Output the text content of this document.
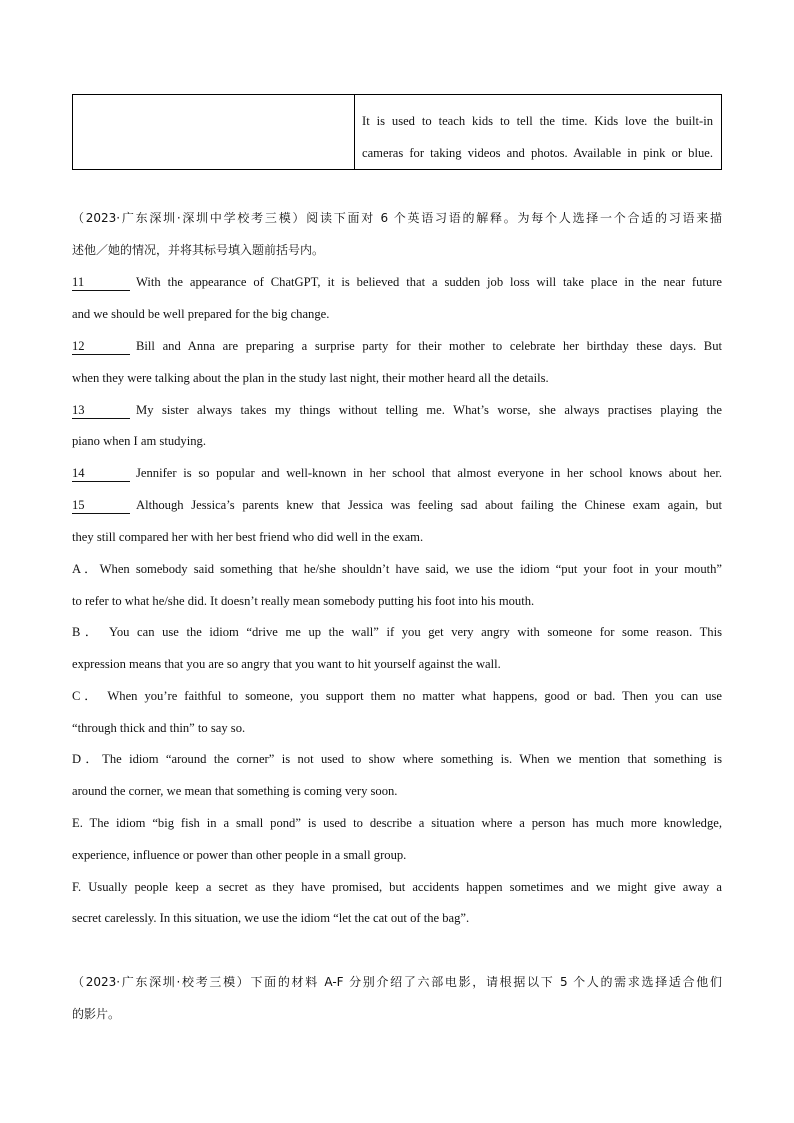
It is used to teach kids to tell the time. Kids love the built-in
cameras for taking videos and photos. Available in pink or blue.
（2023·广东深圳·深圳中学校考三模）阅读下面对 6 个英语习语的解释。为每个人选择一个合适的习语来描
述他／她的情况，并将其标号填入题前括号内。
11	With the appearance of ChatGPT, it is believed that a sudden job loss will take place in the near future
and we should be well prepared for the big change.
12	Bill and Anna are preparing a surprise party for their mother to celebrate her birthday these days. But
when they were talking about the plan in the study last night, their mother heard all the details.
13	My sister always takes my things without telling me. What’s worse, she always practises playing the
piano when I am studying.
14	Jennifer is so popular and well-known in her school that almost everyone in her school knows about her.
15	Although Jessica’s parents knew that Jessica was feeling sad about failing the Chinese exam again, but
they still compared her with her best friend who did well in the exam.
A．When somebody said something that he/she shouldn’t have said, we use the idiom “put your foot in your mouth”
to refer to what he/she did. It doesn’t really mean somebody putting his foot into his mouth.
B． You can use the idiom “drive me up the wall” if you get very angry with someone for some reason. This
expression means that you are so angry that you want to hit yourself against the wall.
C． When you’re faithful to someone, you support them no matter what happens, good or bad. Then you can use
“through thick and thin” to say so.
D．The idiom “around the corner” is not used to show where something is. When we mention that something is
around the corner, we mean that something is coming very soon.
E. The idiom “big fish in a small pond” is used to describe a situation where a person has much more knowledge,
experience, influence or power than other people in a small group.
F. Usually people keep a secret as they have promised, but accidents happen sometimes and we might give away a
secret carelessly. In this situation, we use the idiom “let the cat out of the bag”.
（2023·广东深圳·校考三模）下面的材料 A-F 分别介绍了六部电影，请根据以下 5 个人的需求选择适合他们
的影片。
